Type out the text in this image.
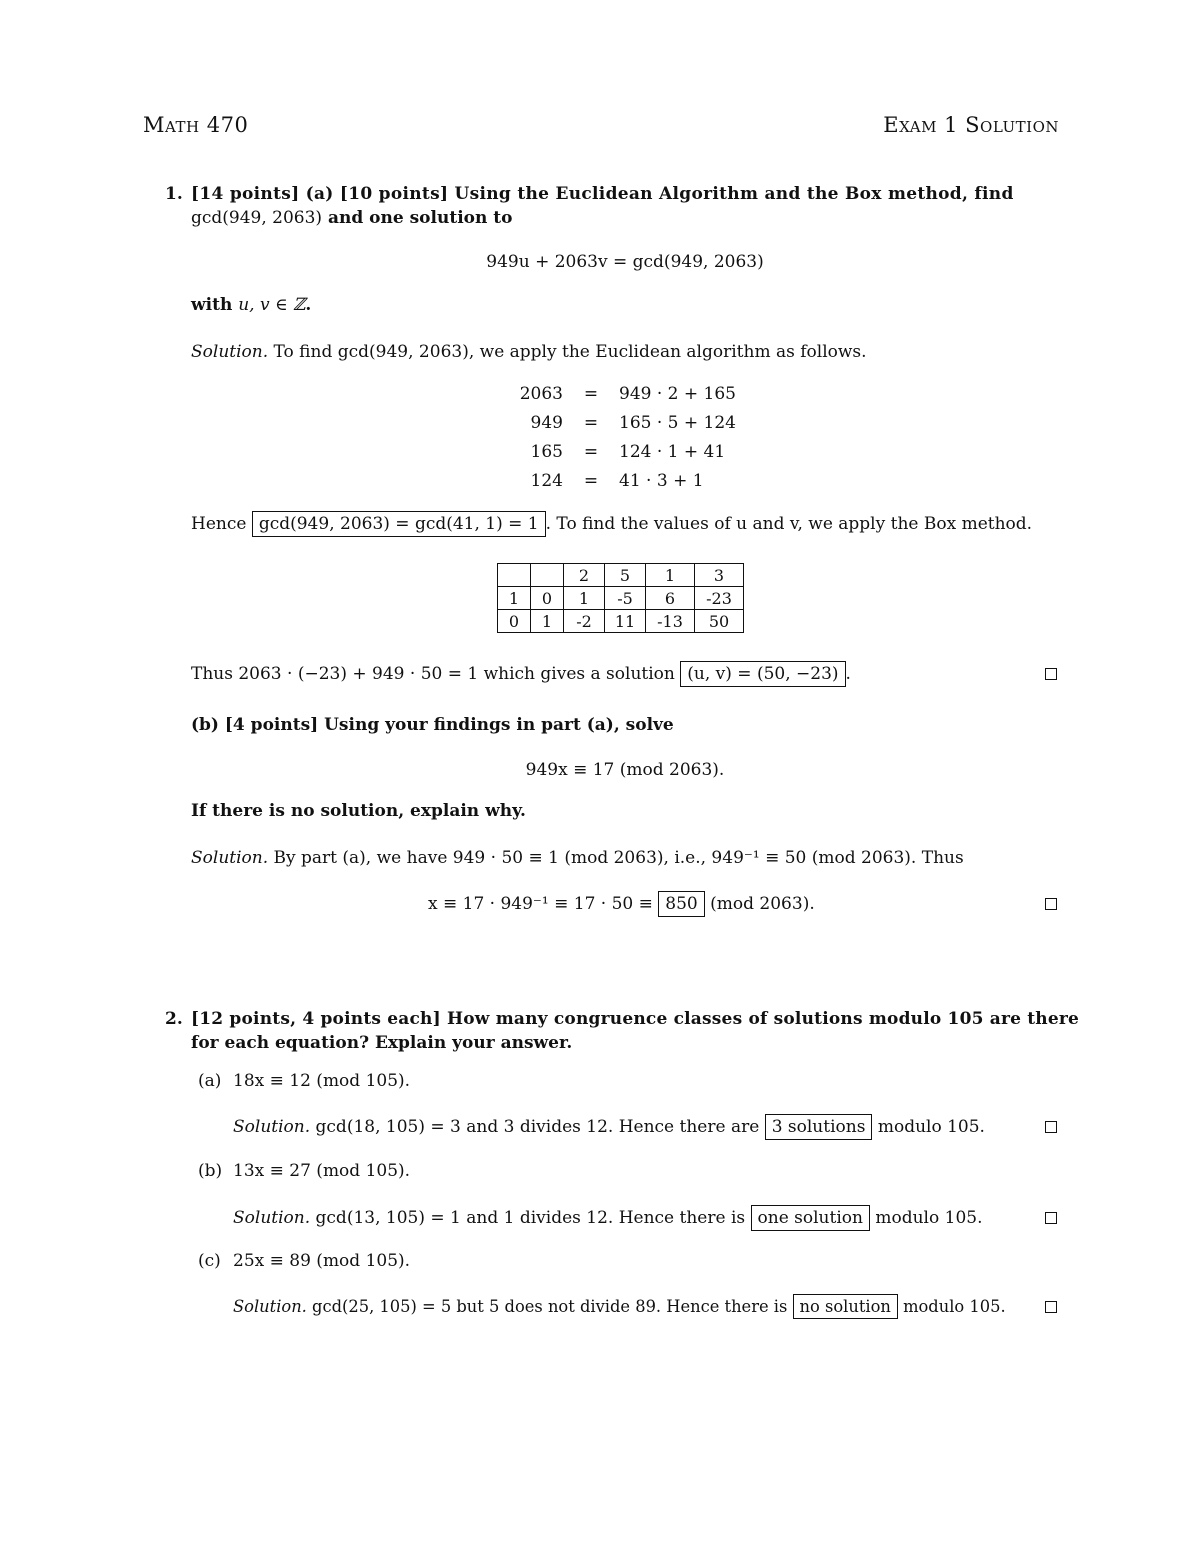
Math 470	Exam 1 Solution
1. [14 points] (a) [10 points] Using the Euclidean Algorithm and the Box method, find
gcd(949, 2063) and one solution to
949u + 2063v = gcd(949, 2063)
with u, v ∈ ℤ.
Solution. To find gcd(949, 2063), we apply the Euclidean algorithm as follows.
2063	=	949 · 2 + 165
949	=	165 · 5 + 124
165	=	124 · 1 + 41
124	=	41 · 3 + 1
Hence gcd(949, 2063) = gcd(41, 1) = 1 . To find the values of u and v, we apply the Box method.
		2	5	1	3
1	0	1	-5	6	-23
0	1	-2	11	-13	50
Thus 2063 · (−23) + 949 · 50 = 1 which gives a solution (u, v) = (50, −23) .
(b) [4 points] Using your findings in part (a), solve
949x ≡ 17 (mod 2063).
If there is no solution, explain why.
Solution. By part (a), we have 949 · 50 ≡ 1 (mod 2063), i.e., 949⁻¹ ≡ 50 (mod 2063). Thus
x ≡ 17 · 949⁻¹ ≡ 17 · 50 ≡ 850 (mod 2063).
2. [12 points, 4 points each] How many congruence classes of solutions modulo 105 are there
for each equation? Explain your answer.
(a) 18x ≡ 12 (mod 105).
Solution. gcd(18, 105) = 3 and 3 divides 12. Hence there are 3 solutions modulo 105.
(b) 13x ≡ 27 (mod 105).
Solution. gcd(13, 105) = 1 and 1 divides 12. Hence there is one solution modulo 105.
(c) 25x ≡ 89 (mod 105).
Solution. gcd(25, 105) = 5 but 5 does not divide 89. Hence there is no solution modulo 105.
